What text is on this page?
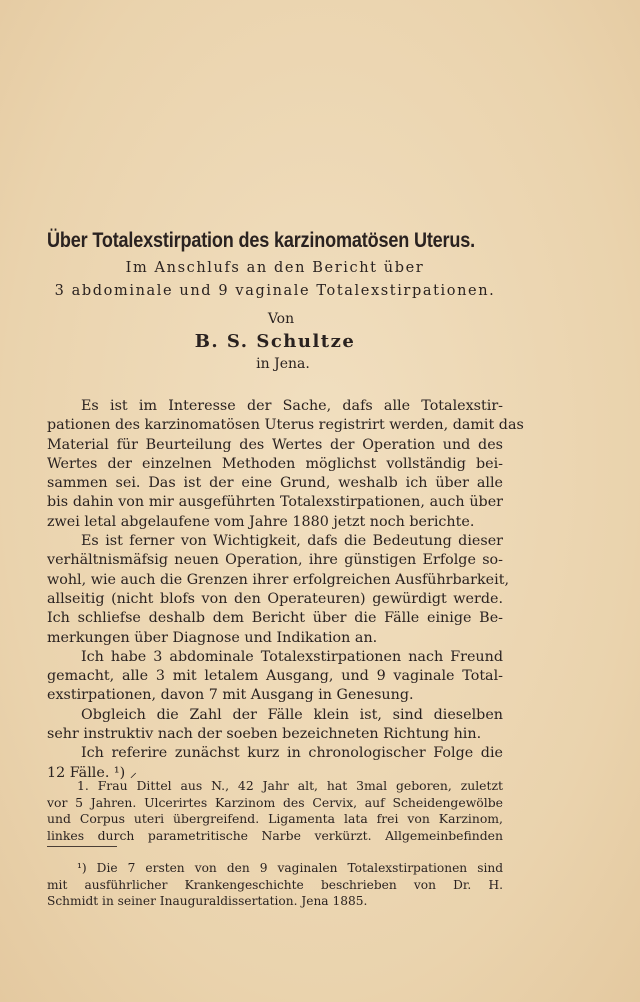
Über Totalexstirpation des karzinomatösen Uterus.
Im Anschlufs an den Bericht über
3 abdominale und 9 vaginale Totalexstirpationen.
Von
B. S. Schultze
in Jena.

Es ist im Interesse der Sache, dafs alle Totalexstir-

pationen des karzinomatösen Uterus registrirt werden, damit das

Material für Beurteilung des Wertes der Operation und des

Wertes der einzelnen Methoden möglichst vollständig bei-

sammen sei. Das ist der eine Grund, weshalb ich über alle

bis dahin von mir ausgeführten Totalexstirpationen, auch über

zwei letal abgelaufene vom Jahre 1880 jetzt noch berichte.

Es ist ferner von Wichtigkeit, dafs die Bedeutung dieser

verhältnismäfsig neuen Operation, ihre günstigen Erfolge so-

wohl, wie auch die Grenzen ihrer erfolgreichen Ausführbarkeit,

allseitig (nicht blofs von den Operateuren) gewürdigt werde.

Ich schliefse deshalb dem Bericht über die Fälle einige Be-

merkungen über Diagnose und Indikation an.

Ich habe 3 abdominale Totalexstirpationen nach Freund

gemacht, alle 3 mit letalem Ausgang, und 9 vaginale Total-

exstirpationen, davon 7 mit Ausgang in Genesung.

Obgleich die Zahl der Fälle klein ist, sind dieselben

sehr instruktiv nach der soeben bezeichneten Richtung hin.

Ich referire zunächst kurz in chronologischer Folge die

12 Fälle. ¹) ⸝

1. Frau Dittel aus N., 42 Jahr alt, hat 3mal geboren, zuletzt

vor 5 Jahren. Ulcerirtes Karzinom des Cervix, auf Scheidengewölbe

und Corpus uteri übergreifend. Ligamenta lata frei von Karzinom,

linkes durch parametritische Narbe verkürzt. Allgemeinbefinden

¹) Die 7 ersten von den 9 vaginalen Totalexstirpationen sind

mit ausführlicher Krankengeschichte beschrieben von Dr. H.

Schmidt in seiner Inauguraldissertation. Jena 1885.
